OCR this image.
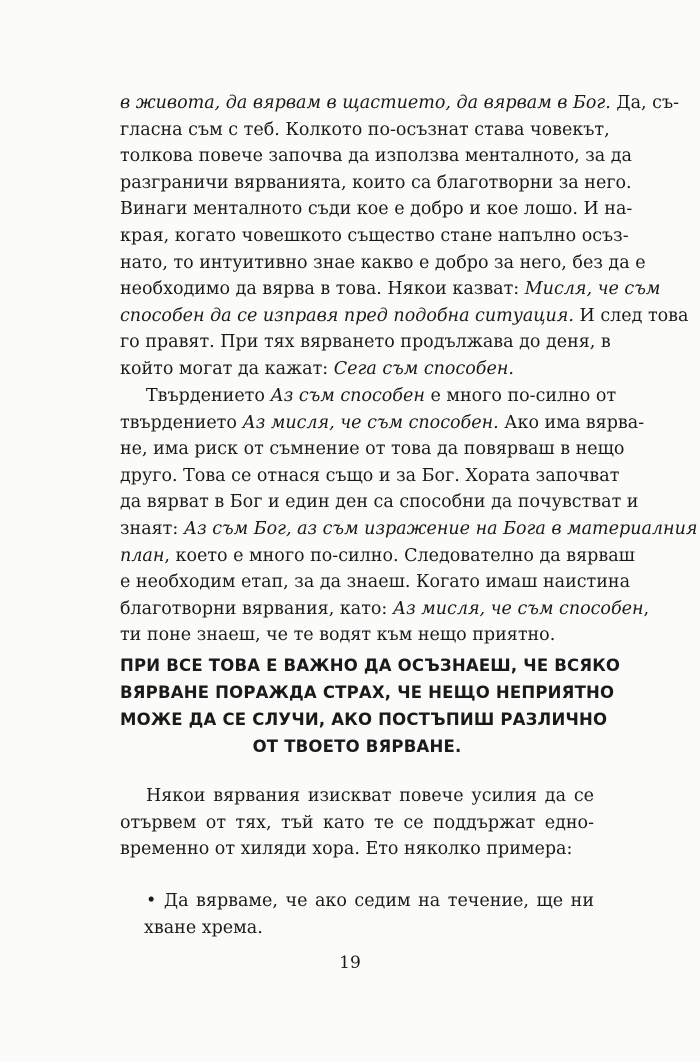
в живота, да вярвам в щастието, да вярвам в Бог. Да, съ-
гласна съм с теб. Колкото по-осъзнат става човекът,
толкова повече започва да използва менталното, за да
разграничи вярванията, които са благотворни за него.
Винаги менталното съди кое е добро и кое лошо. И на-
края, когато човешкото същество стане напълно осъз-
нато, то интуитивно знае какво е добро за него, без да е
необходимо да вярва в това. Някои казват: Мисля, че съм
способен да се изправя пред подобна ситуация. И след това
го правят. При тях вярването продължава до деня, в
който могат да кажат: Сега съм способен.
Твърдението Аз съм способен е много по-силно от
твърдението Аз мисля, че съм способен. Ако има вярва-
не, има риск от съмнение от това да повярваш в нещо
друго. Това се отнася също и за Бог. Хората започват
да вярват в Бог и един ден са способни да почувстват и
знаят: Аз съм Бог, аз съм изражение на Бога в материалния
план, което е много по-силно. Следователно да вярваш
е необходим етап, за да знаеш. Когато имаш наистина
благотворни вярвания, като: Аз мисля, че съм способен,
ти поне знаеш, че те водят към нещо приятно.
ПРИ ВСЕ ТОВА Е ВАЖНО ДА ОСЪЗНАЕШ, ЧЕ ВСЯКО
ВЯРВАНЕ ПОРАЖДА СТРАХ, ЧЕ НЕЩО НЕПРИЯТНО
МОЖЕ ДА СЕ СЛУЧИ, АКО ПОСТЪПИШ РАЗЛИЧНО
ОТ ТВОЕТО ВЯРВАНЕ.
Някои вярвания изискват повече усилия да се
отървем от тях, тъй като те се поддържат едно-
временно от хиляди хора. Ето няколко примера:
• Да вярваме, че ако седим на течение, ще ни
хване хрема.
19
